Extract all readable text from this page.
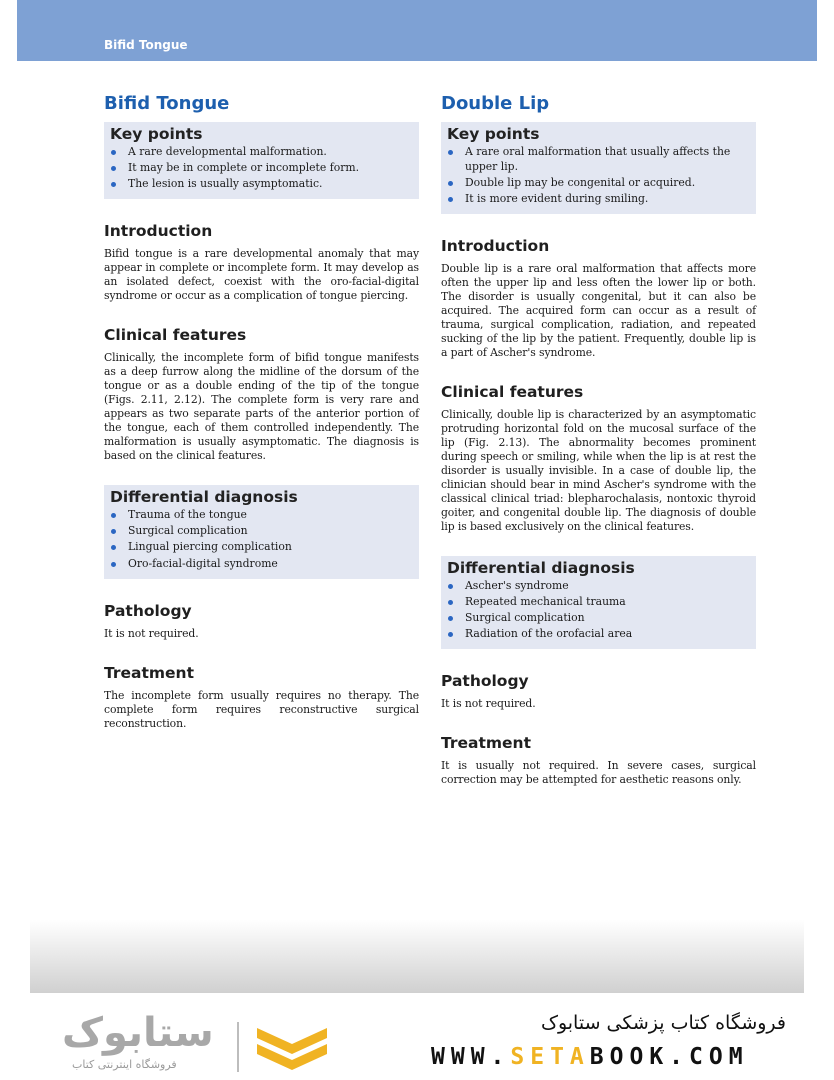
Bifid Tongue
Bifid Tongue
Key points
A rare developmental malformation.
It may be in complete or incomplete form.
The lesion is usually asymptomatic.
Introduction

Bifid tongue is a rare developmental anomaly that may appear in complete or incomplete form. It may develop as an isolated defect, coexist with the oro-facial-digital syndrome or occur as a complication of tongue piercing.

Clinical features

Clinically, the incomplete form of bifid tongue manifests as a deep furrow along the midline of the dorsum of the tongue or as a double ending of the tip of the tongue (Figs. 2.11, 2.12). The complete form is very rare and appears as two separate parts of the anterior portion of the tongue, each of them controlled independently. The malformation is usually asymptomatic. The diagnosis is based on the clinical features.

Differential diagnosis
Trauma of the tongue
Surgical complication
Lingual piercing complication
Oro-facial-digital syndrome
Pathology

It is not required.

Treatment

The incomplete form usually requires no therapy. The complete form requires reconstructive surgical reconstruction.

Double Lip
Key points
A rare oral malformation that usually affects the upper lip.
Double lip may be congenital or acquired.
It is more evident during smiling.
Introduction

Double lip is a rare oral malformation that affects more often the upper lip and less often the lower lip or both. The disorder is usually congenital, but it can also be acquired. The acquired form can occur as a result of trauma, surgical complication, radiation, and repeated sucking of the lip by the patient. Frequently, double lip is a part of Ascher's syndrome.

Clinical features

Clinically, double lip is characterized by an asymptomatic protruding horizontal fold on the mucosal surface of the lip (Fig. 2.13). The abnormality becomes prominent during speech or smiling, while when the lip is at rest the disorder is usually invisible. In a case of double lip, the clinician should bear in mind Ascher's syndrome with the classical clinical triad: blepharochalasis, nontoxic thyroid goiter, and congenital double lip. The diagnosis of double lip is based exclusively on the clinical features.

Differential diagnosis
Ascher's syndrome
Repeated mechanical trauma
Surgical complication
Radiation of the orofacial area
Pathology

It is not required.

Treatment

It is usually not required. In severe cases, surgical correction may be attempted for aesthetic reasons only.

ستابوک
فروشگاه اینترنتی کتاب
فروشگاه کتاب پزشکی ستابوک
WWW.SETABOOK.COM
